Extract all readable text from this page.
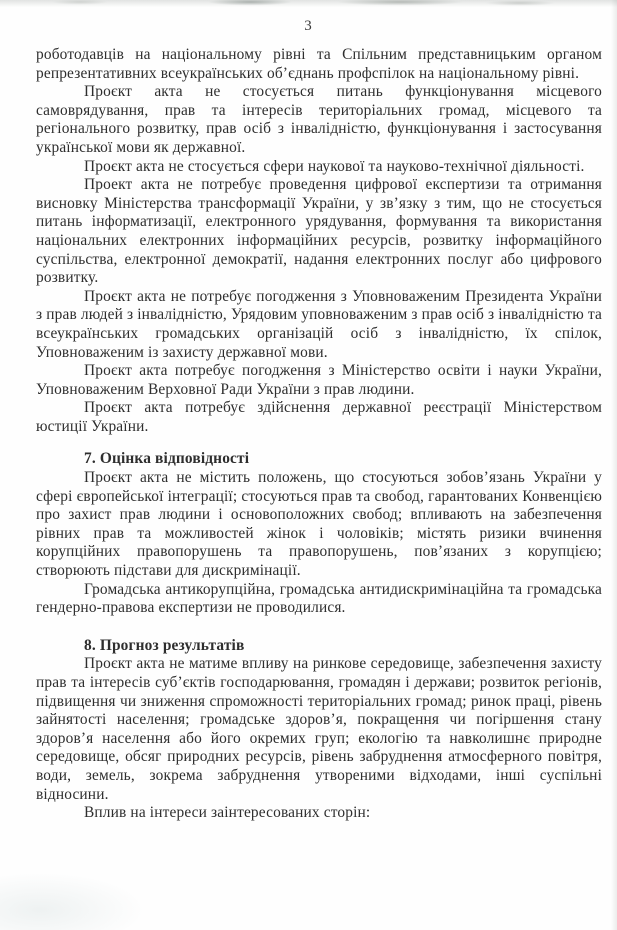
3

роботодавців на національному рівні та Спільним представницьким органом репрезентативних всеукраїнських об’єднань профспілок на національному рівні.

Проєкт акта не стосується питань функціонування місцевого самоврядування, прав та інтересів територіальних громад, місцевого та регіонального розвитку, прав осіб з інвалідністю, функціонування і застосування української мови як державної.

Проєкт акта не стосується сфери наукової та науково-технічної діяльності.

Проект акта не потребує проведення цифрової експертизи та отримання висновку Міністерства трансформації України, у зв’язку з тим, що не стосується питань інформатизації, електронного урядування, формування та використання національних електронних інформаційних ресурсів, розвитку інформаційного суспільства, електронної демократії, надання електронних послуг або цифрового розвитку.

Проєкт акта не потребує погодження з Уповноваженим Президента України з прав людей з інвалідністю, Урядовим уповноваженим з прав осіб з інвалідністю та всеукраїнських громадських організацій осіб з інвалідністю, їх спілок, Уповноваженим із захисту державної мови.

Проєкт акта потребує погодження з Міністерство освіти і науки України, Уповноваженим Верховної Ради України з прав людини.

Проєкт акта потребує здійснення державної реєстрації Міністерством юстиції України.

7. Оцінка відповідності

Проєкт акта не містить положень, що стосуються зобов’язань України у сфері європейської інтеграції; стосуються прав та свобод, гарантованих Конвенцією про захист прав людини і основоположних свобод; впливають на забезпечення рівних прав та можливостей жінок і чоловіків; містять ризики вчинення корупційних правопорушень та правопорушень, пов’язаних з корупцією; створюють підстави для дискримінації.

Громадська антикорупційна, громадська антидискримінаційна та громадська гендерно-правова експертизи не проводилися.

8. Прогноз результатів

Проєкт акта не матиме впливу на ринкове середовище, забезпечення захисту прав та інтересів суб’єктів господарювання, громадян і держави; розвиток регіонів, підвищення чи зниження спроможності територіальних громад; ринок праці, рівень зайнятості населення; громадське здоров’я, покращення чи погіршення стану здоров’я населення або його окремих груп; екологію та навколишнє природне середовище, обсяг природних ресурсів, рівень забруднення атмосферного повітря, води, земель, зокрема забруднення утвореними відходами, інші суспільні відносини.

Вплив на інтереси заінтересованих сторін:
